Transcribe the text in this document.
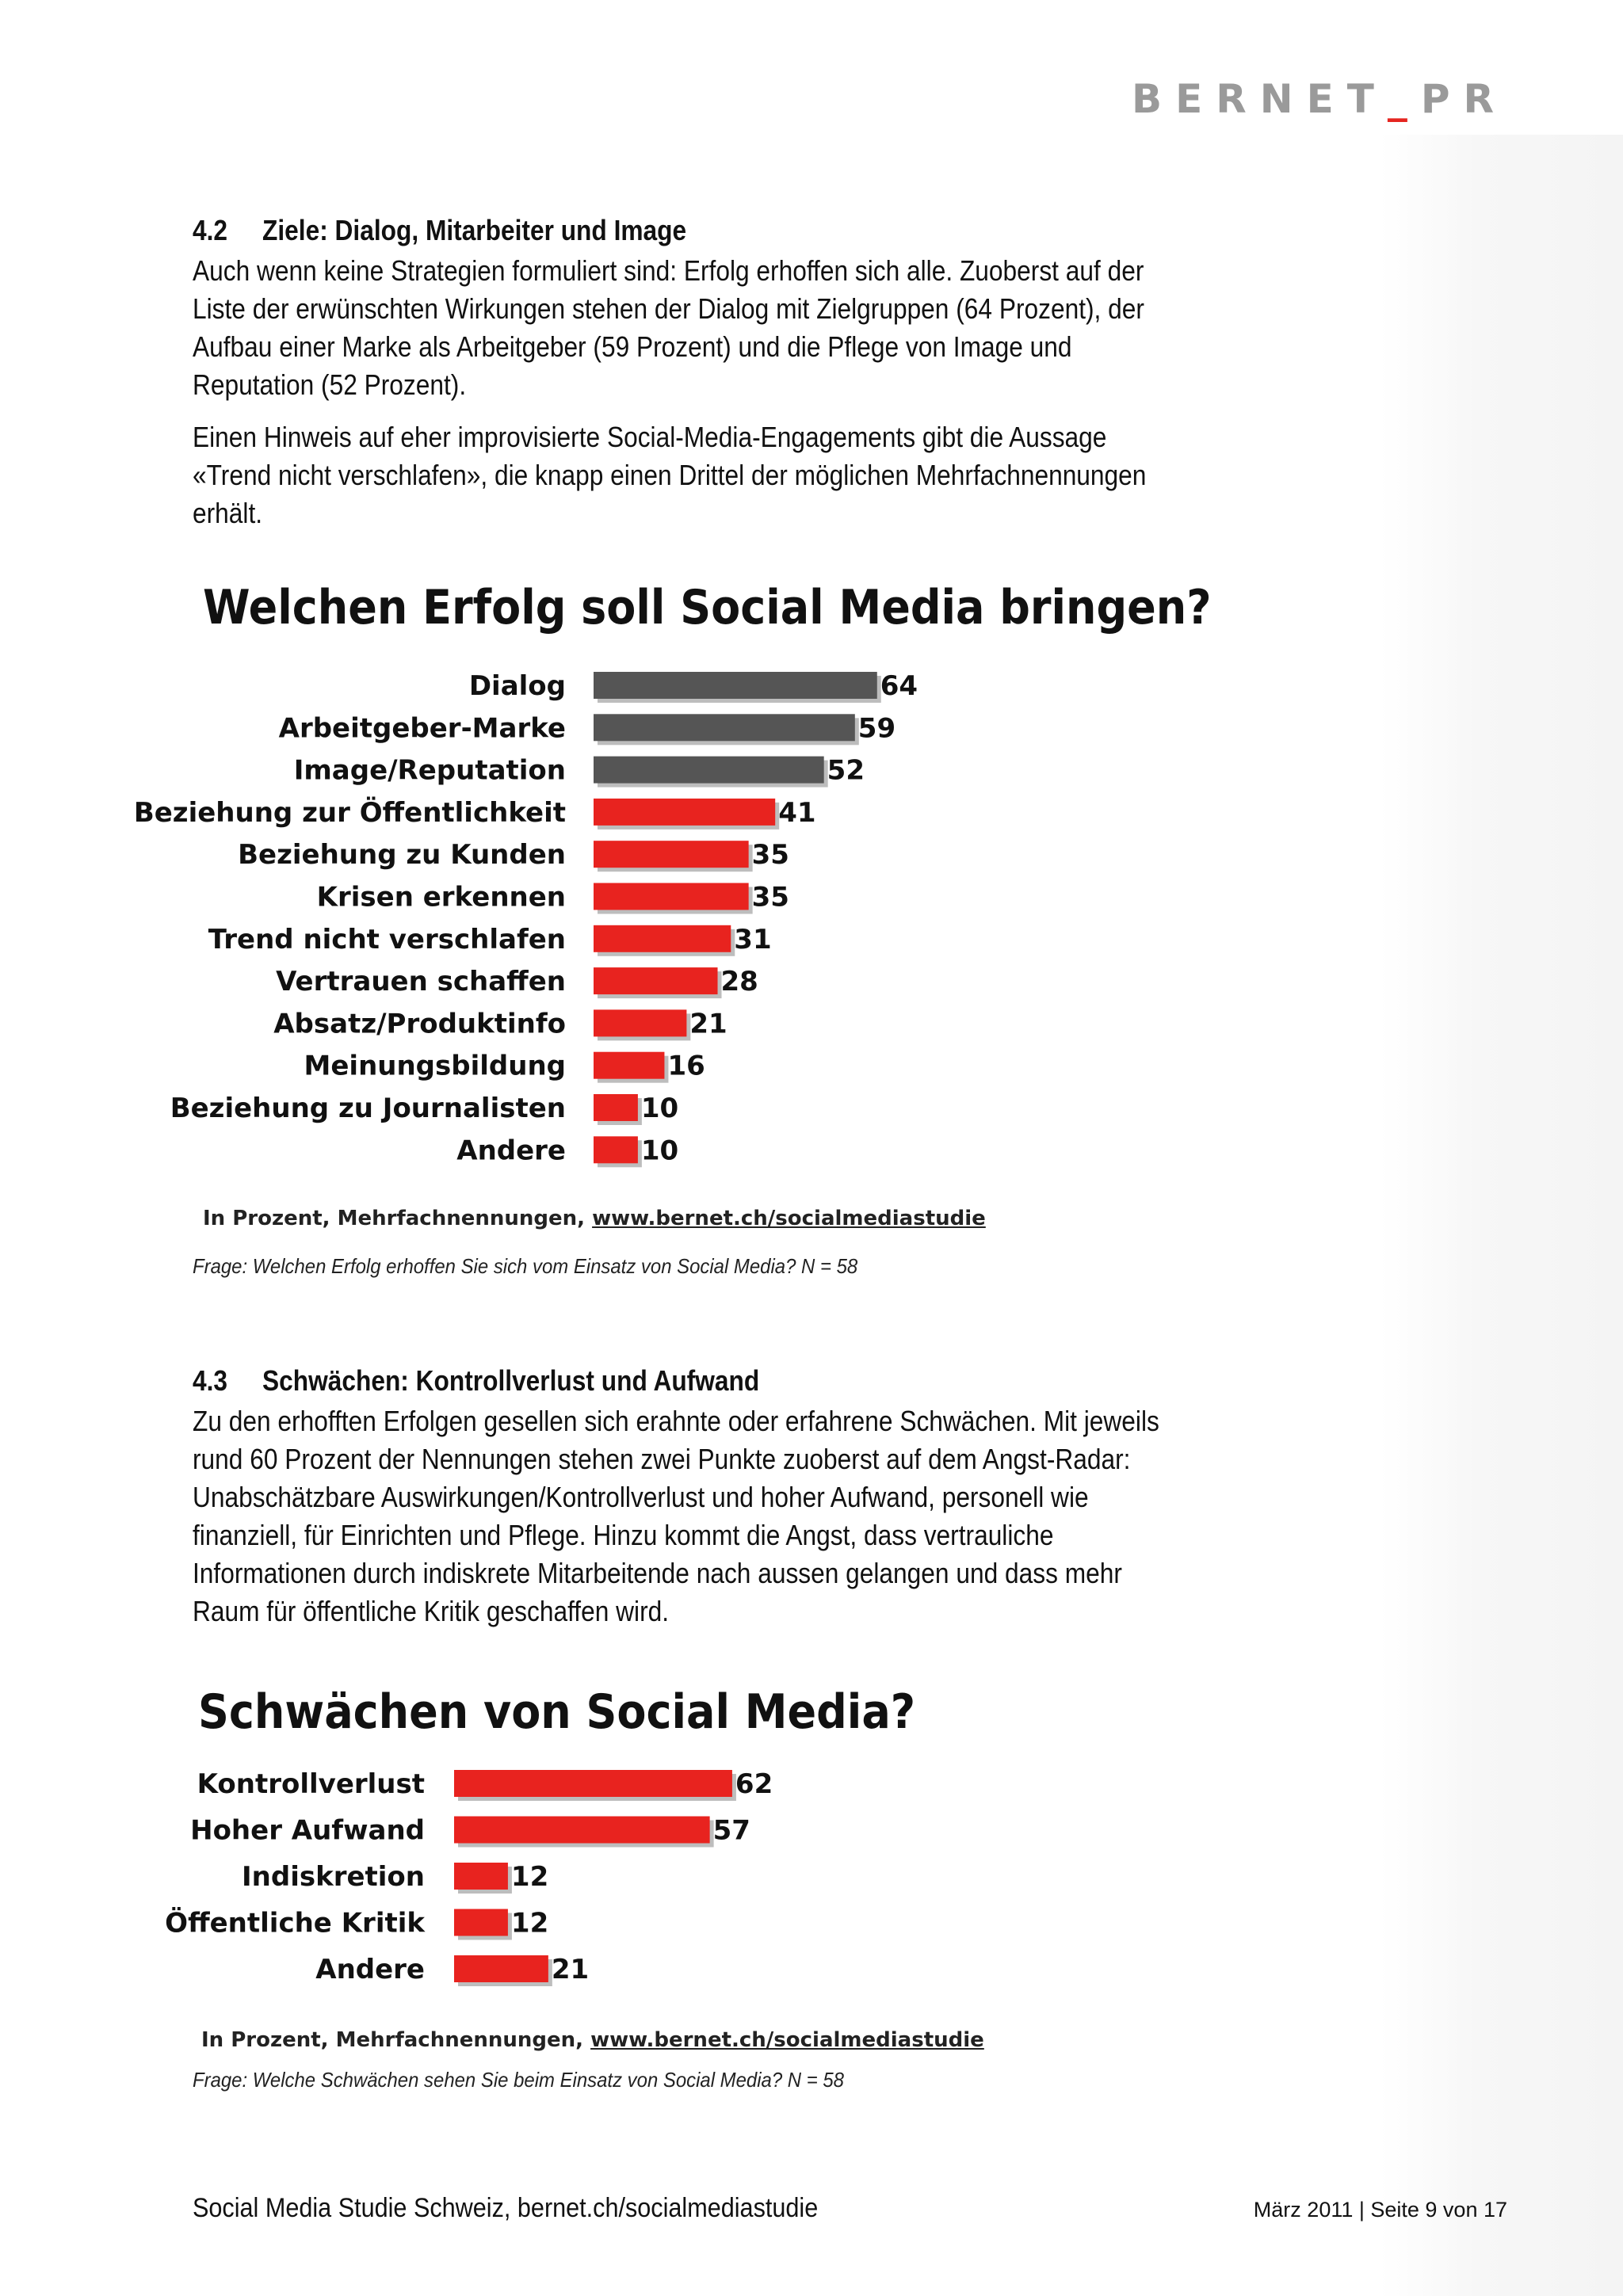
BERNET_PR
4.2 Ziele: Dialog, Mitarbeiter und Image

Auch wenn keine Strategien formuliert sind: Erfolg erhoffen sich alle. Zuoberst auf der Liste der erwünschten Wirkungen stehen der Dialog mit Zielgruppen (64 Prozent), der Aufbau einer Marke als Arbeitgeber (59 Prozent) und die Pflege von Image und Reputation (52 Prozent).

Einen Hinweis auf eher improvisierte Social-Media-Engagements gibt die Aussage «Trend nicht verschlafen», die knapp einen Drittel der möglichen Mehrfachnennungen erhält.

Welchen Erfolg soll Social Media bringen?
Dialog	64
Arbeitgeber-Marke	59
Image/Reputation	52
Beziehung zur Öffentlichkeit	41
Beziehung zu Kunden	35
Krisen erkennen	35
Trend nicht verschlafen	31
Vertrauen schaffen	28
Absatz/Produktinfo	21
Meinungsbildung	16
Beziehung zu Journalisten	10
Andere	10
In Prozent, Mehrfachnennungen, www.bernet.ch/socialmediastudie
Frage: Welchen Erfolg erhoffen Sie sich vom Einsatz von Social Media? N = 58
4.3 Schwächen: Kontrollverlust und Aufwand

Zu den erhofften Erfolgen gesellen sich erahnte oder erfahrene Schwächen. Mit jeweils rund 60 Prozent der Nennungen stehen zwei Punkte zuoberst auf dem Angst-Radar: Unabschätzbare Auswirkungen/Kontrollverlust und hoher Aufwand, personell wie finanziell, für Einrichten und Pflege. Hinzu kommt die Angst, dass vertrauliche Informationen durch indiskrete Mitarbeitende nach aussen gelangen und dass mehr Raum für öffentliche Kritik geschaffen wird.

Schwächen von Social Media?
Kontrollverlust	62
Hoher Aufwand	57
Indiskretion	12
Öffentliche Kritik	12
Andere	21
In Prozent, Mehrfachnennungen, www.bernet.ch/socialmediastudie
Frage: Welche Schwächen sehen Sie beim Einsatz von Social Media? N = 58
Social Media Studie Schweiz, bernet.ch/socialmediastudie	März 2011 | Seite 9 von 17
